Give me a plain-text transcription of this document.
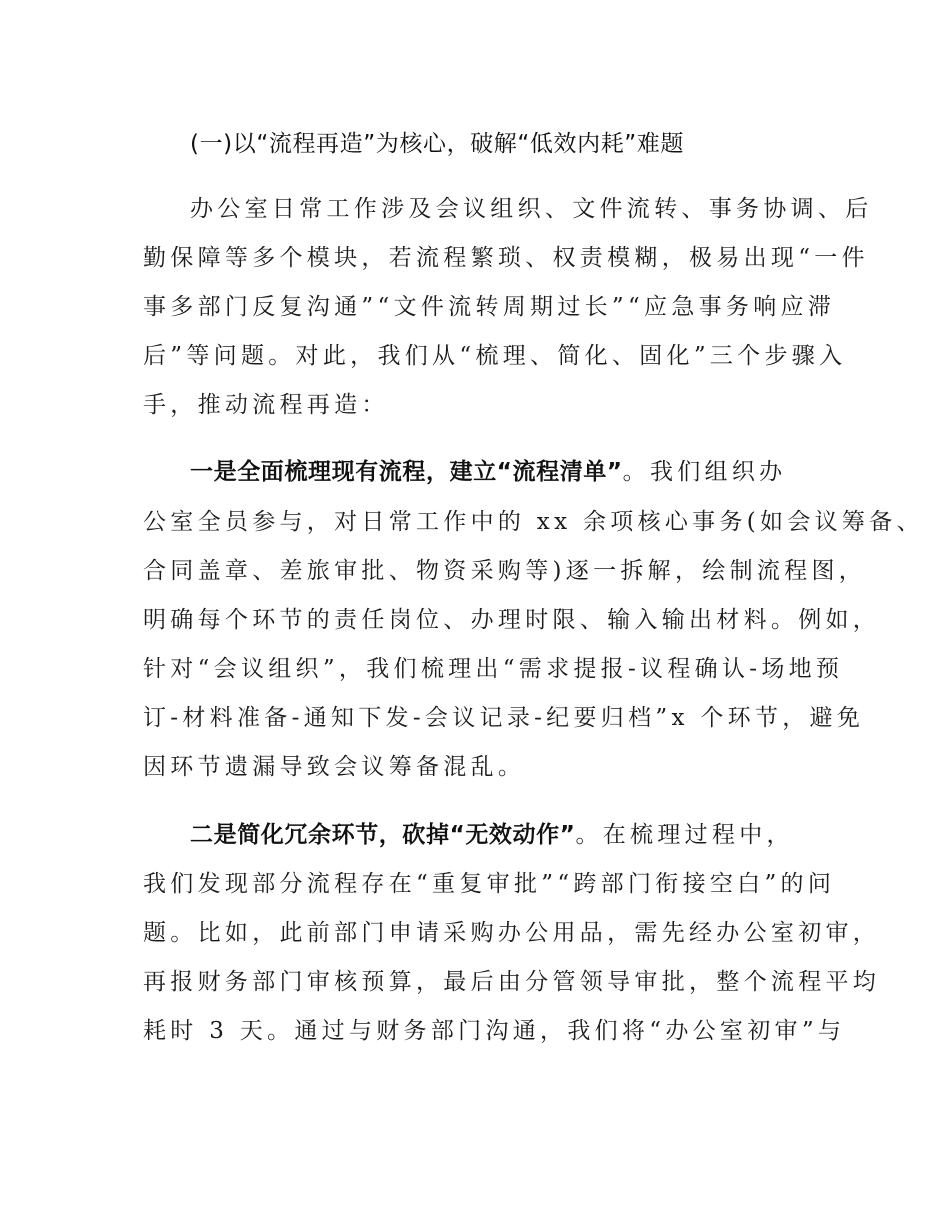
(一)以“流程再造”为核心，破解“低效内耗”难题
办公室日常工作涉及会议组织、文件流转、事务协调、后
勤保障等多个模块，若流程繁琐、权责模糊，极易出现“一件
事多部门反复沟通”“文件流转周期过长”“应急事务响应滞
后”等问题。对此，我们从“梳理、简化、固化”三个步骤入
手，推动流程再造：
一是全面梳理现有流程，建立“流程清单”。我们组织办
公室全员参与，对日常工作中的 xx 余项核心事务(如会议筹备、
合同盖章、差旅审批、物资采购等)逐一拆解，绘制流程图，
明确每个环节的责任岗位、办理时限、输入输出材料。例如，
针对“会议组织”，我们梳理出“需求提报-议程确认-场地预
订-材料准备-通知下发-会议记录-纪要归档”x 个环节，避免
因环节遗漏导致会议筹备混乱。
二是简化冗余环节，砍掉“无效动作”。在梳理过程中，
我们发现部分流程存在“重复审批”“跨部门衔接空白”的问
题。比如，此前部门申请采购办公用品，需先经办公室初审，
再报财务部门审核预算，最后由分管领导审批，整个流程平均
耗时 3 天。通过与财务部门沟通，我们将“办公室初审”与
